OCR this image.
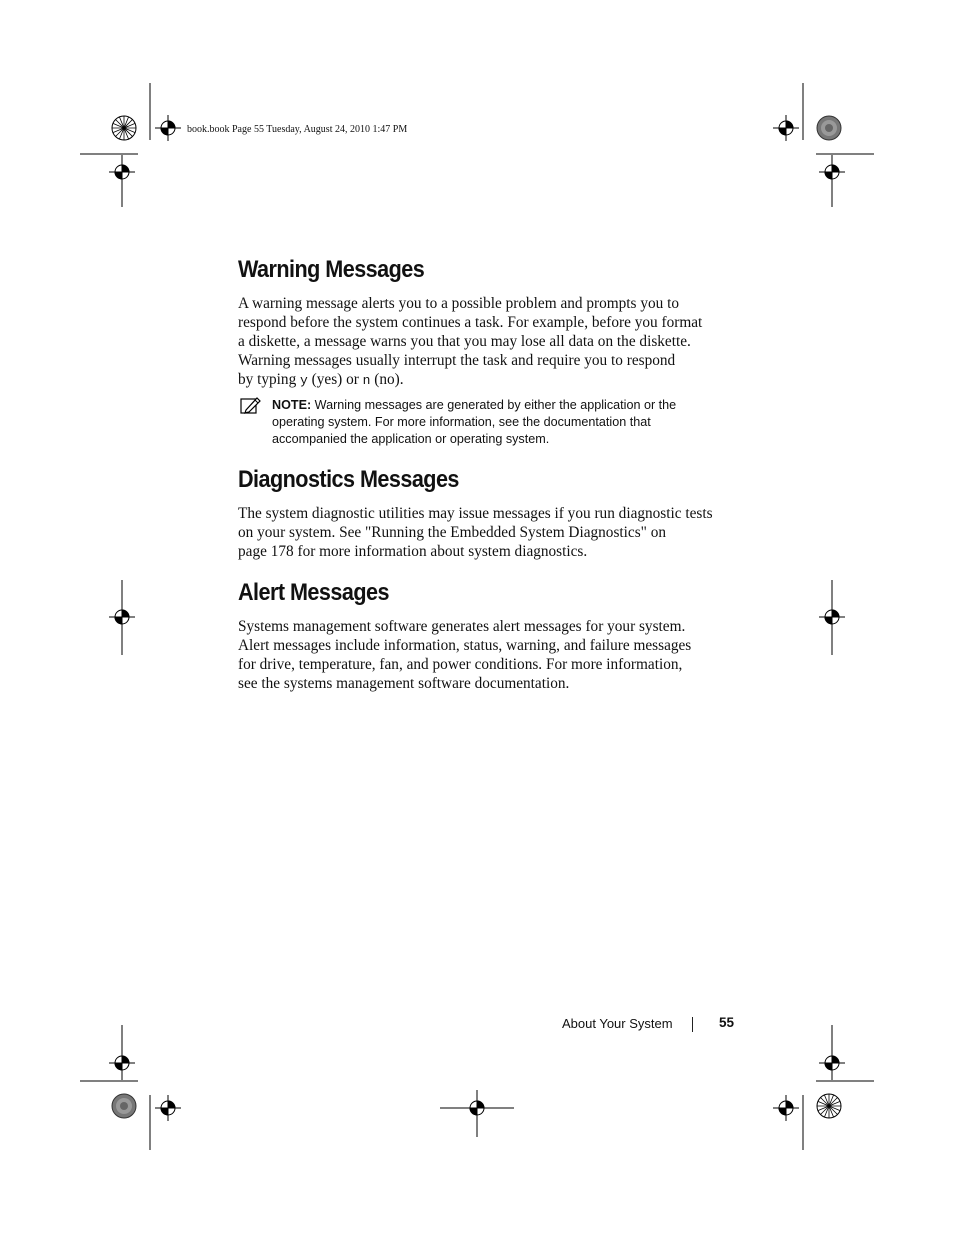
book.book Page 55 Tuesday, August 24, 2010 1:47 PM
Warning Messages

A warning message alerts you to a possible problem and prompts you to

respond before the system continues a task. For example, before you format

a diskette, a message warns you that you may lose all data on the diskette.

Warning messages usually interrupt the task and require you to respond

by typing y (yes) or n (no).

NOTE: Warning messages are generated by either the application or the
operating system. For more information, see the documentation that
accompanied the application or operating system.
Diagnostics Messages

The system diagnostic utilities may issue messages if you run diagnostic tests

on your system. See "Running the Embedded System Diagnostics" on

page 178 for more information about system diagnostics.

Alert Messages

Systems management software generates alert messages for your system.

Alert messages include information, status, warning, and failure messages

for drive, temperature, fan, and power conditions. For more information,

see the systems management software documentation.

About Your System	55
